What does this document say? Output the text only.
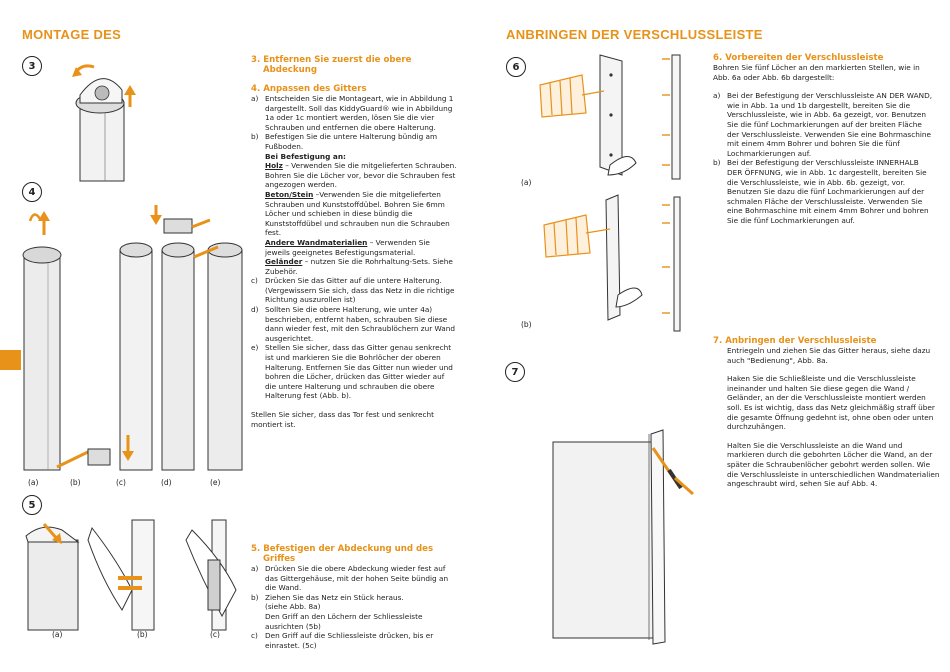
MONTAGE DES
3
4
(a)	(b)	(c)	(d)	(e)
5
(a)	(b)	(c)
3. Entfernen Sie zuerst die obere
Abdeckung
4. Anpassen des Gitters
a) Entscheiden Sie die Montageart, wie in Abbildung 1 dargestellt. Soll das KiddyGuard® wie in Abbildung 1a oder 1c montiert werden, lösen Sie die vier Schrauben und entfernen die obere Halterung.
b) Befestigen Sie die untere Halterung bündig am Fußboden.
Bei Befestigung an:
Holz – Verwenden Sie die mitgelieferten Schrauben. Bohren Sie die Löcher vor, bevor die Schrauben fest angezogen werden.
Beton/Stein –Verwenden Sie die mitgelieferten Schrauben und Kunststoffdübel. Bohren Sie 6mm Löcher und schieben in diese bündig die Kunststoffdübel und schrauben nun die Schrauben fest.
Andere Wandmaterialien – Verwenden Sie jeweils geeignetes Befestigungsmaterial.
Geländer – nutzen Sie die Rohrhaltung-Sets. Siehe Zubehör.
c) Drücken Sie das Gitter auf die untere Halterung. (Vergewissern Sie sich, dass das Netz in die richtige Richtung auszurollen ist)
d) Sollten Sie die obere Halterung, wie unter 4a) beschrieben, entfernt haben, schrauben Sie diese dann wieder fest, mit den Schraublöchern zur Wand ausgerichtet.
e) Stellen Sie sicher, dass das Gitter genau senkrecht ist und markieren Sie die Bohrlöcher der oberen Halterung. Entfernen Sie das Gitter nun wieder und bohren die Löcher, drücken das Gitter wieder auf die untere Halterung und schrauben die obere Halterung fest (Abb. b).

Stellen Sie sicher, dass das Tor fest und senkrecht montiert ist.

5. Befestigen der Abdeckung und des
Griffes
a) Drücken Sie die obere Abdeckung wieder fest auf das Gittergehäuse, mit der hohen Seite bündig an die Wand.
b) Ziehen Sie das Netz ein Stück heraus.
(siehe Abb. 8a)
Den Griff an den Löchern der Schliessleiste ausrichten (5b)
c) Den Griff auf die Schliessleiste drücken, bis er einrastet. (5c)
ANBRINGEN DER VERSCHLUSSLEISTE
6
(a)
(b)
7
6. Vorbereiten der Verschlussleiste

Bohren Sie fünf Löcher an den markierten Stellen, wie in Abb. 6a oder Abb. 6b dargestellt:

a) Bei der Befestigung der Verschlussleiste AN DER WAND, wie in Abb. 1a und 1b dargestellt, bereiten Sie die Verschlussleiste, wie in Abb. 6a gezeigt, vor. Benutzen Sie die fünf Lochmarkierungen auf der breiten Fläche der Verschlussleiste. Verwenden Sie eine Bohrmaschine mit einem 4mm Bohrer und bohren Sie die fünf Lochmarkierungen auf.
b) Bei der Befestigung der Verschlussleiste INNERHALB DER ÖFFNUNG, wie in Abb. 1c dargestellt, bereiten Sie die Verschlussleiste, wie in Abb. 6b. gezeigt, vor. Benutzen Sie dazu die fünf Lochmarkierungen auf der schmalen Fläche der Verschlussleiste. Verwenden Sie eine Bohrmaschine mit einem 4mm Bohrer und bohren Sie die fünf Lochmarkierungen auf.
7. Anbringen der Verschlussleiste

Entriegeln und ziehen Sie das Gitter heraus, siehe dazu auch "Bedienung", Abb. 8a.

Haken Sie die Schließleiste und die Verschlussleiste ineinander und halten Sie diese gegen die Wand / Geländer, an der die Verschlussleiste montiert werden soll. Es ist wichtig, dass das Netz gleichmäßig straff über die gesamte Öffnung gedehnt ist, ohne oben oder unten durchzuhängen.

Halten Sie die Verschlussleiste an die Wand und markieren durch die gebohrten Löcher die Wand, an der später die Schraubenlöcher gebohrt werden sollen. Wie die Verschlussleiste in unterschiedlichen Wandmaterialien angeschraubt wird, sehen Sie auf Abb. 4.
